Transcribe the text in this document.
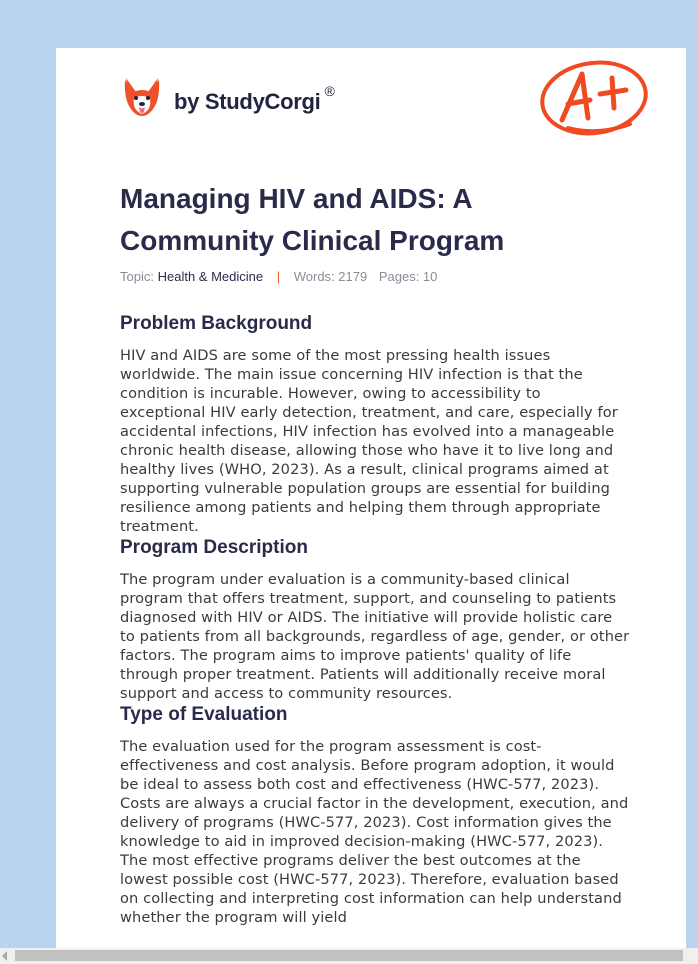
by StudyCorgi ®
Managing HIV and AIDS: A Community Clinical Program
Topic: Health & Medicine | Words: 2179 Pages: 10
Problem Background

HIV and AIDS are some of the most pressing health issues worldwide. The main issue concerning HIV infection is that the condition is incurable. However, owing to accessibility to exceptional HIV early detection, treatment, and care, especially for accidental infections, HIV infection has evolved into a manageable chronic health disease, allowing those who have it to live long and healthy lives (WHO, 2023). As a result, clinical programs aimed at supporting vulnerable population groups are essential for building resilience among patients and helping them through appropriate treatment.

Program Description

The program under evaluation is a community-based clinical program that offers treatment, support, and counseling to patients diagnosed with HIV or AIDS. The initiative will provide holistic care to patients from all backgrounds, regardless of age, gender, or other factors. The program aims to improve patients' quality of life through proper treatment. Patients will additionally receive moral support and access to community resources.

Type of Evaluation

The evaluation used for the program assessment is cost-effectiveness and cost analysis. Before program adoption, it would be ideal to assess both cost and effectiveness (HWC-577, 2023). Costs are always a crucial factor in the development, execution, and delivery of programs (HWC-577, 2023). Cost information gives the knowledge to aid in improved decision-making (HWC-577, 2023). The most effective programs deliver the best outcomes at the lowest possible cost (HWC-577, 2023). Therefore, evaluation based on collecting and interpreting cost information can help understand whether the program will yield
